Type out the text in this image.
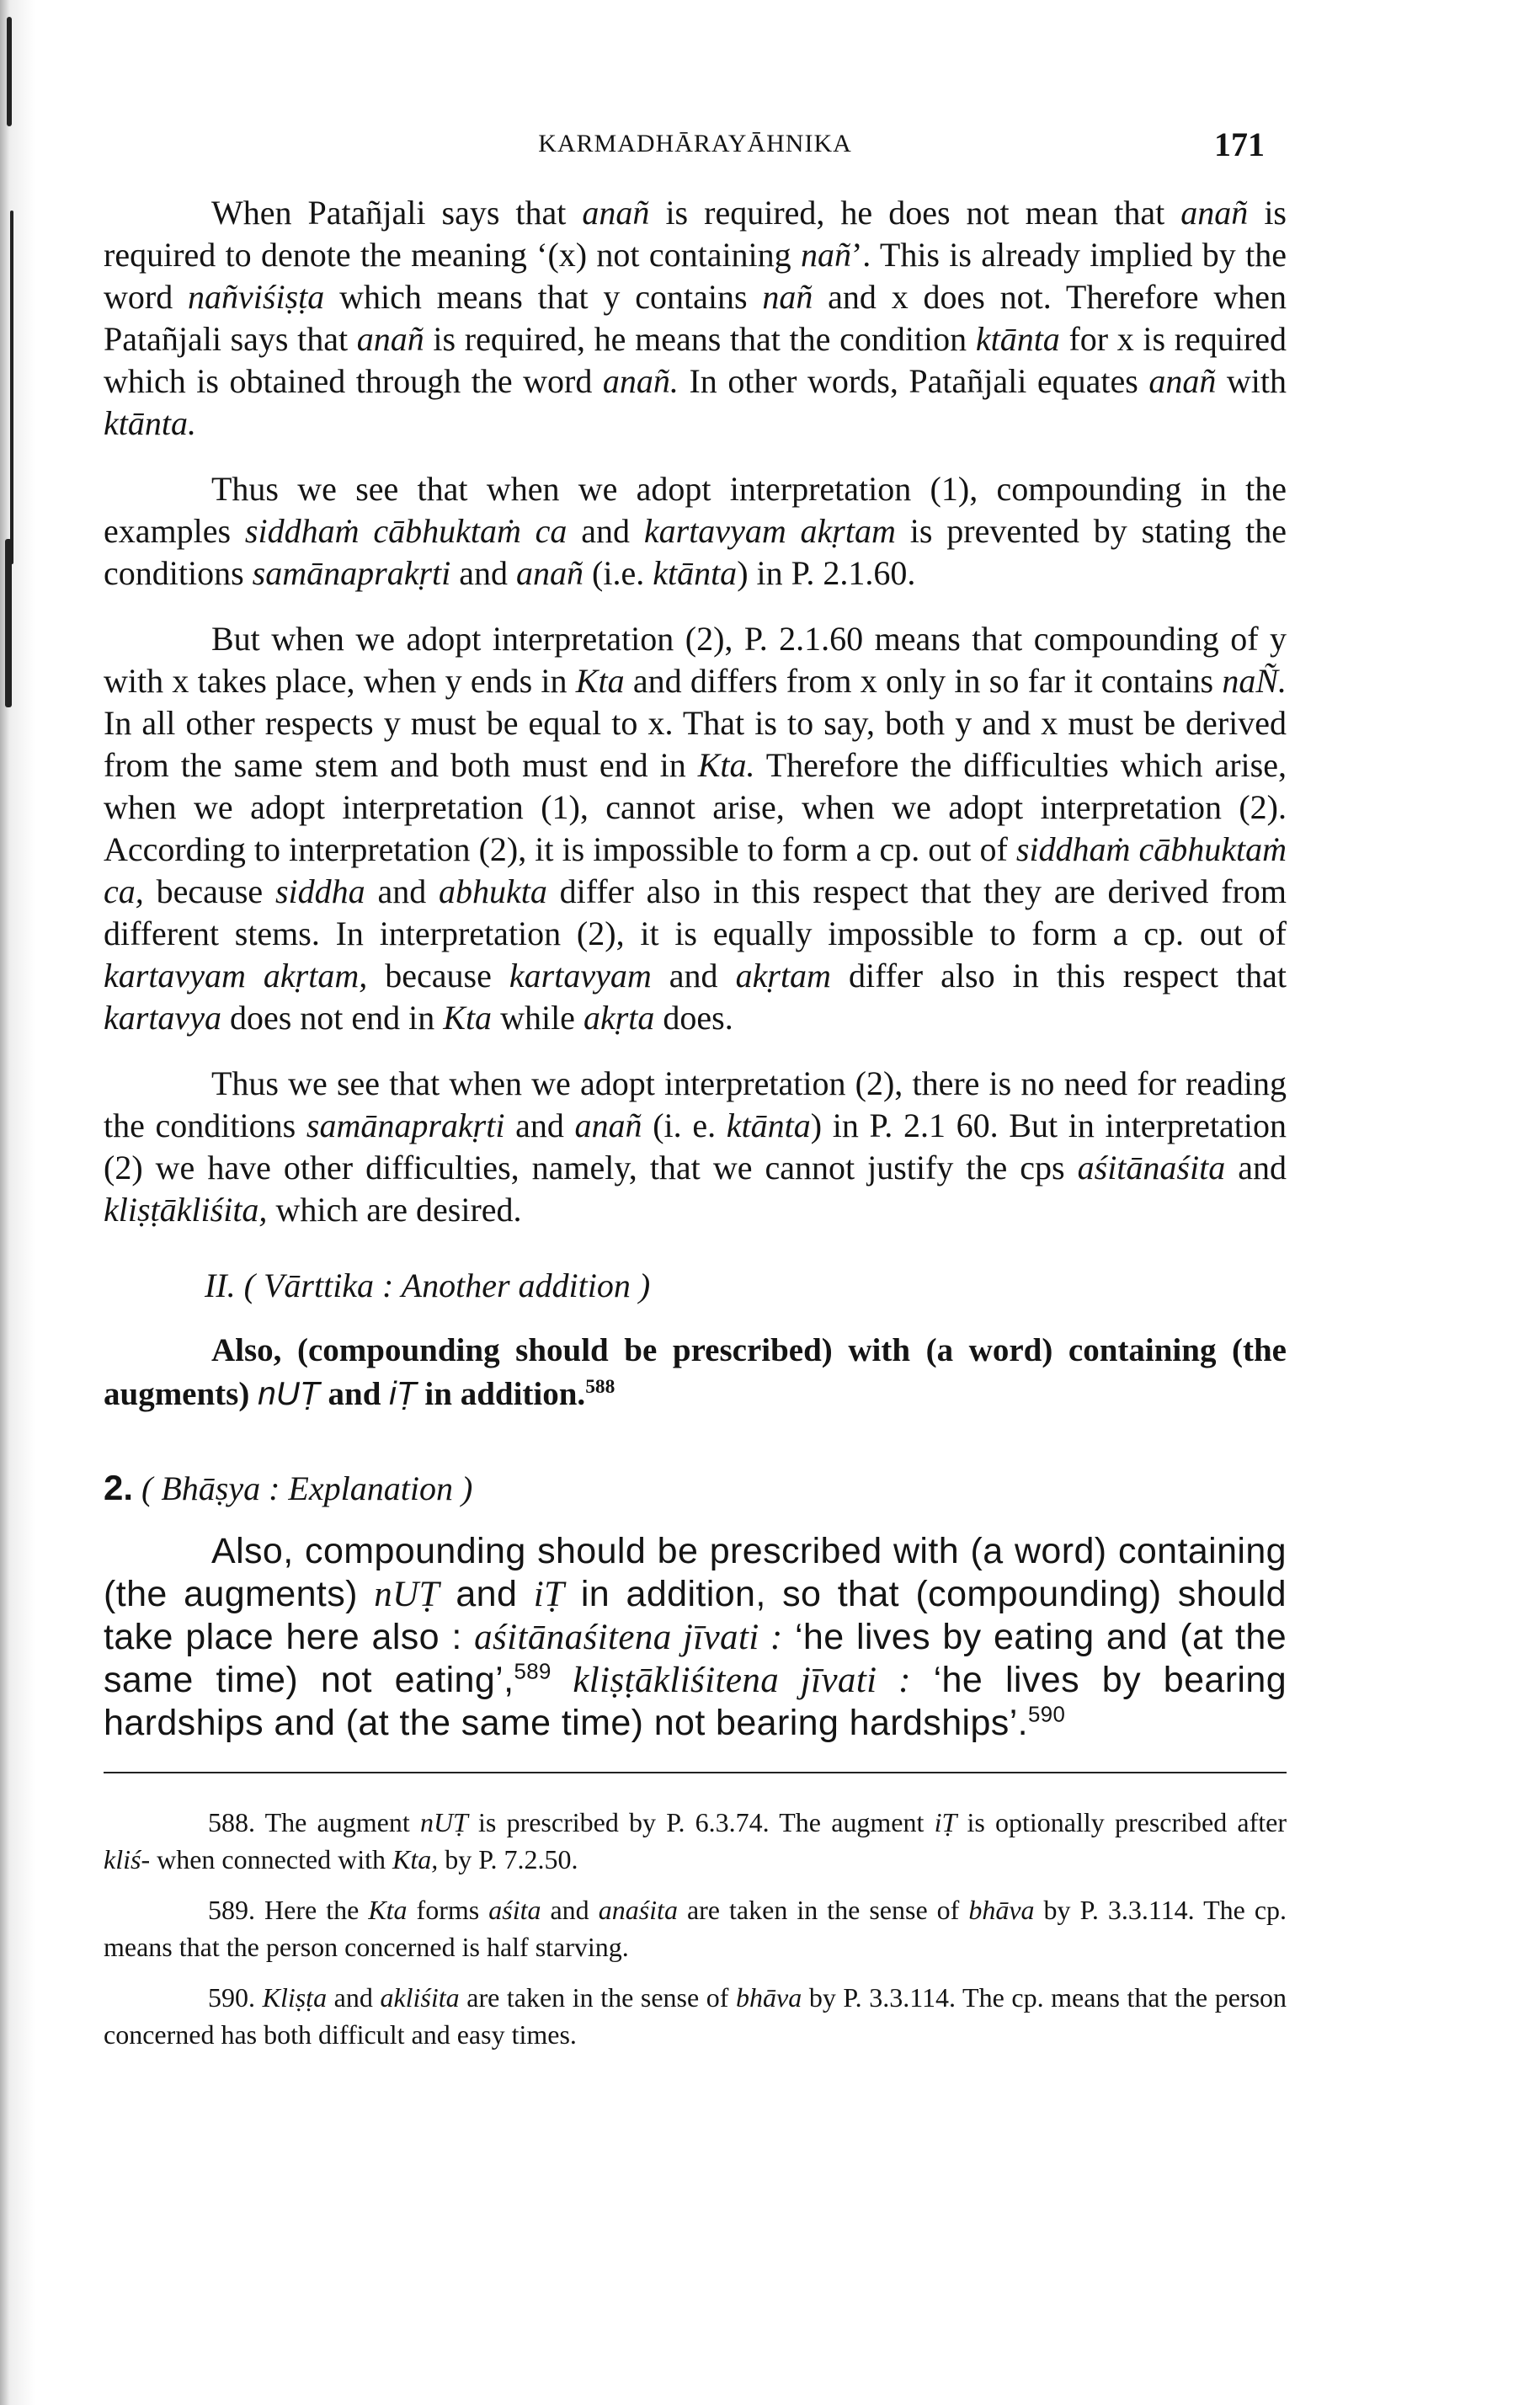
KARMADHĀRAYĀHNIKA	171

When Patañjali says that anañ is required, he does not mean that anañ is required to denote the meaning ‘(x) not containing nañ’. This is already implied by the word nañviśiṣṭa which means that y contains nañ and x does not. Therefore when Patañjali says that anañ is required, he means that the condition ktānta for x is required which is obtained through the word anañ. In other words, Patañjali equates anañ with ktānta.

Thus we see that when we adopt interpretation (1), compounding in the examples siddhaṁ cābhuktaṁ ca and kartavyam akṛtam is prevented by stating the conditions samānaprakṛti and anañ (i.e. ktānta) in P. 2.1.60.

But when we adopt interpretation (2), P. 2.1.60 means that compounding of y with x takes place, when y ends in Kta and differs from x only in so far it contains naÑ. In all other respects y must be equal to x. That is to say, both y and x must be derived from the same stem and both must end in Kta. Therefore the difficulties which arise, when we adopt interpretation (1), cannot arise, when we adopt interpretation (2). According to interpretation (2), it is impossible to form a cp. out of siddhaṁ cābhuktaṁ ca, because siddha and abhukta differ also in this respect that they are derived from different stems. In interpretation (2), it is equally impossible to form a cp. out of kartavyam akṛtam, because kartavyam and akṛtam differ also in this respect that kartavya does not end in Kta while akṛta does.

Thus we see that when we adopt interpretation (2), there is no need for reading the conditions samānaprakṛti and anañ (i. e. ktānta) in P. 2.1 60. But in interpretation (2) we have other difficulties, namely, that we cannot justify the cps aśitānaśita and kliṣṭākliśita, which are desired.

II. ( Vārttika : Another addition )

Also, (compounding should be prescribed) with (a word) containing (the augments) nUṬ and iṬ in addition.$^{588}$

2. ( Bhāṣya : Explanation )

Also, compounding should be prescribed with (a word) containing (the augments) nUṬ and iṬ in addition, so that (compounding) should take place here also : aśitānaśitena jīvati : ‘he lives by eating and (at the same time) not eating’,$^{589}$ kliṣṭākliśitena jīvati : ‘he lives by bearing hardships and (at the same time) not bearing hardships’.$^{590}$

588. The augment nUṬ is prescribed by P. 6.3.74. The augment iṬ is optionally prescribed after kliś- when connected with Kta, by P. 7.2.50.

589. Here the Kta forms aśita and anaśita are taken in the sense of bhāva by P. 3.3.114. The cp. means that the person concerned is half starving.

590. Kliṣṭa and akliśita are taken in the sense of bhāva by P. 3.3.114. The cp. means that the person concerned has both difficult and easy times.
